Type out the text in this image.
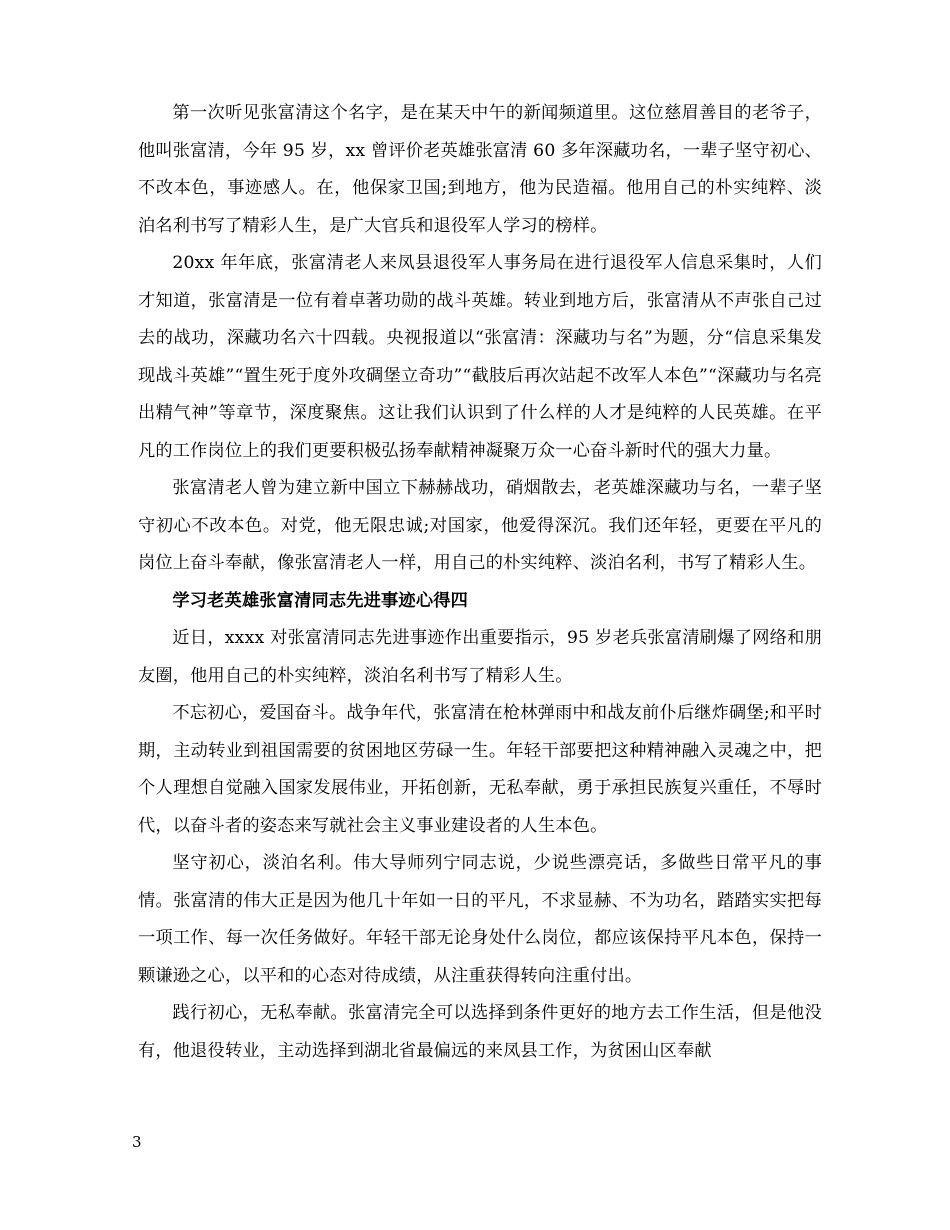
第一次听见张富清这个名字，是在某天中午的新闻频道里。这位慈眉善目的老爷子，他叫张富清，今年 95 岁，xx 曾评价老英雄张富清 60 多年深藏功名，一辈子坚守初心、不改本色，事迹感人。在，他保家卫国;到地方，他为民造福。他用自己的朴实纯粹、淡泊名利书写了精彩人生，是广大官兵和退役军人学习的榜样。

20xx 年年底，张富清老人来凤县退役军人事务局在进行退役军人信息采集时，人们才知道，张富清是一位有着卓著功勋的战斗英雄。转业到地方后，张富清从不声张自己过去的战功，深藏功名六十四载。央视报道以“张富清：深藏功与名”为题，分“信息采集发现战斗英雄”“置生死于度外攻碉堡立奇功”“截肢后再次站起不改军人本色”“深藏功与名亮出精气神”等章节，深度聚焦。这让我们认识到了什么样的人才是纯粹的人民英雄。在平凡的工作岗位上的我们更要积极弘扬奉献精神凝聚万众一心奋斗新时代的强大力量。

张富清老人曾为建立新中国立下赫赫战功，硝烟散去，老英雄深藏功与名，一辈子坚守初心不改本色。对党，他无限忠诚;对国家，他爱得深沉。我们还年轻，更要在平凡的岗位上奋斗奉献，像张富清老人一样，用自己的朴实纯粹、淡泊名利，书写了精彩人生。

学习老英雄张富清同志先进事迹心得四

近日，xxxx 对张富清同志先进事迹作出重要指示，95 岁老兵张富清刷爆了网络和朋友圈，他用自己的朴实纯粹，淡泊名利书写了精彩人生。

不忘初心，爱国奋斗。战争年代，张富清在枪林弹雨中和战友前仆后继炸碉堡;和平时期，主动转业到祖国需要的贫困地区劳碌一生。年轻干部要把这种精神融入灵魂之中，把个人理想自觉融入国家发展伟业，开拓创新，无私奉献，勇于承担民族复兴重任，不辱时代，以奋斗者的姿态来写就社会主义事业建设者的人生本色。

坚守初心，淡泊名利。伟大导师列宁同志说，少说些漂亮话，多做些日常平凡的事情。张富清的伟大正是因为他几十年如一日的平凡，不求显赫、不为功名，踏踏实实把每一项工作、每一次任务做好。年轻干部无论身处什么岗位，都应该保持平凡本色，保持一颗谦逊之心，以平和的心态对待成绩，从注重获得转向注重付出。

践行初心，无私奉献。张富清完全可以选择到条件更好的地方去工作生活，但是他没有，他退役转业，主动选择到湖北省最偏远的来凤县工作，为贫困山区奉献

3
